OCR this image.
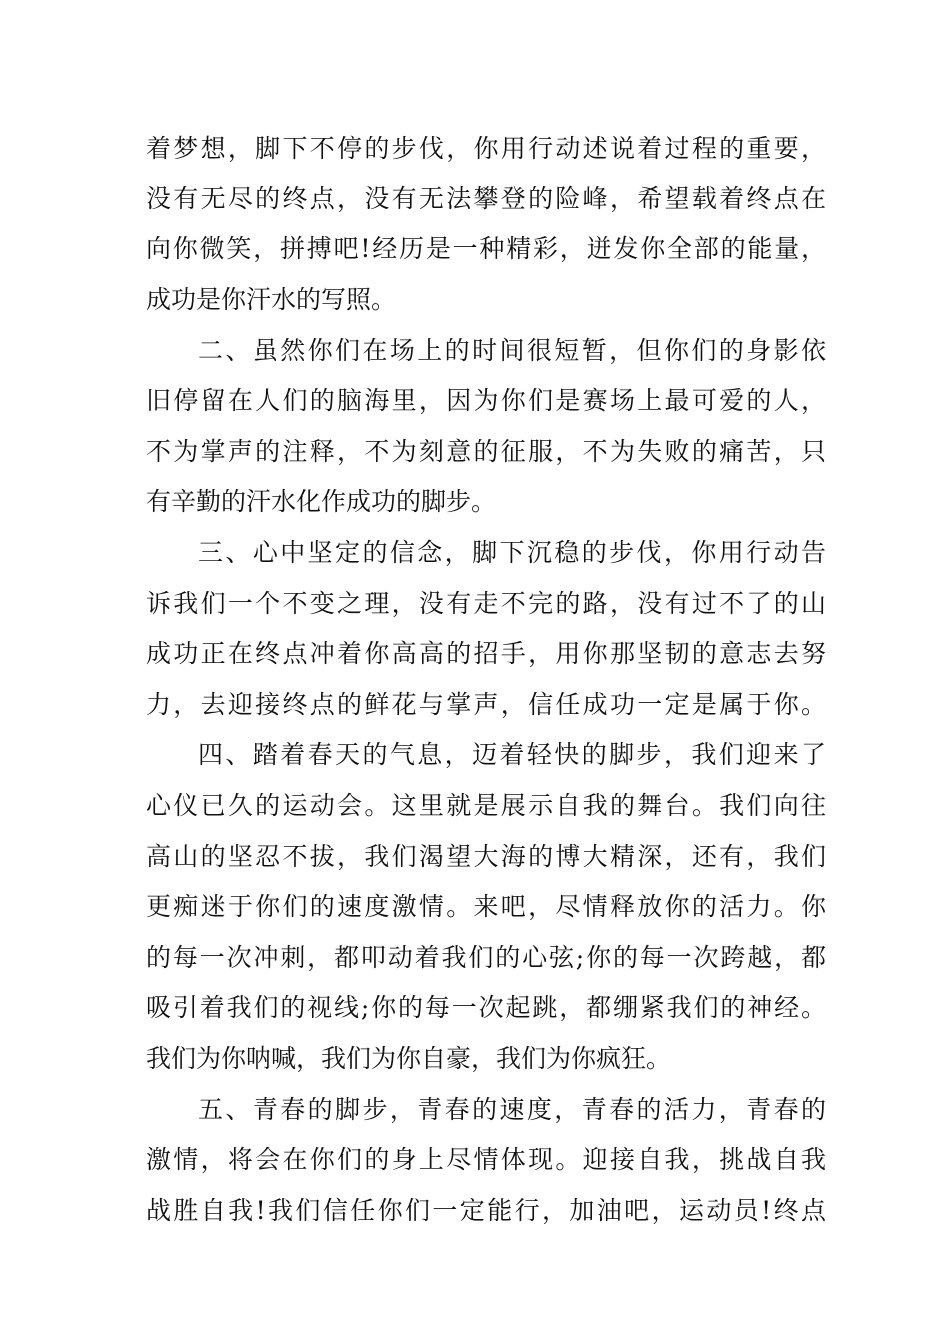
着梦想，脚下不停的步伐，你用行动述说着过程的重要，
没有无尽的终点，没有无法攀登的险峰，希望载着终点在
向你微笑，拼搏吧!经历是一种精彩，迸发你全部的能量，
成功是你汗水的写照。
二、虽然你们在场上的时间很短暂，但你们的身影依
旧停留在人们的脑海里，因为你们是赛场上最可爱的人，
不为掌声的注释，不为刻意的征服，不为失败的痛苦，只
有辛勤的汗水化作成功的脚步。
三、心中坚定的信念，脚下沉稳的步伐，你用行动告
诉我们一个不变之理，没有走不完的路，没有过不了的山
成功正在终点冲着你高高的招手，用你那坚韧的意志去努
力，去迎接终点的鲜花与掌声，信任成功一定是属于你。
四、踏着春天的气息，迈着轻快的脚步，我们迎来了
心仪已久的运动会。这里就是展示自我的舞台。我们向往
高山的坚忍不拔，我们渴望大海的博大精深，还有，我们
更痴迷于你们的速度激情。来吧，尽情释放你的活力。你
的每一次冲刺，都叩动着我们的心弦;你的每一次跨越，都
吸引着我们的视线;你的每一次起跳，都绷紧我们的神经。
我们为你呐喊，我们为你自豪，我们为你疯狂。
五、青春的脚步，青春的速度，青春的活力，青春的
激情，将会在你们的身上尽情体现。迎接自我，挑战自我
战胜自我!我们信任你们一定能行，加油吧，运动员!终点
